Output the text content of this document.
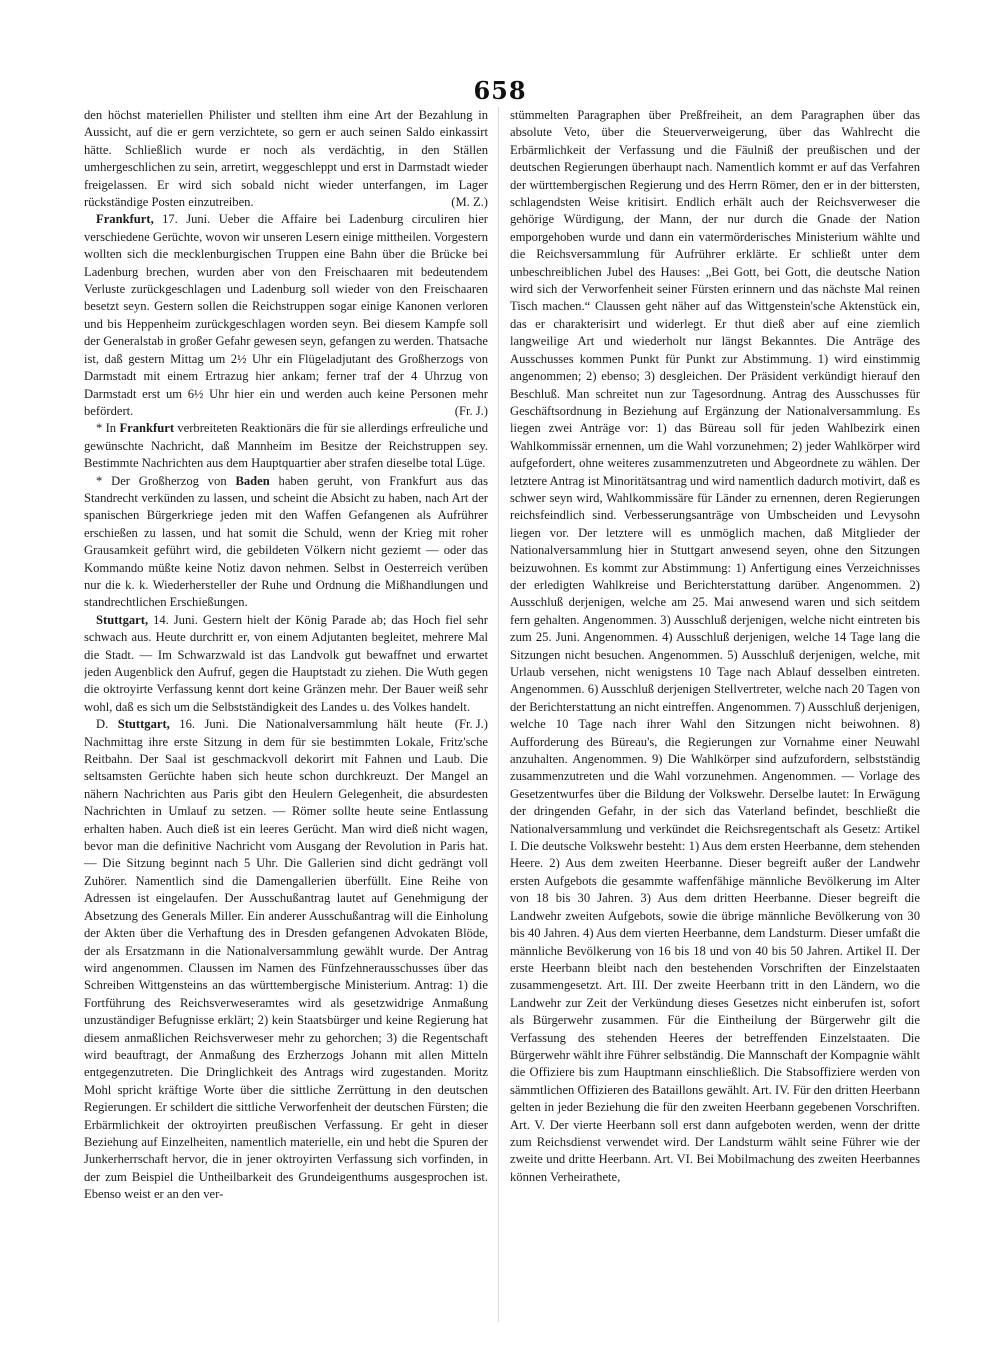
658

den höchst materiellen Philister und stellten ihm eine Art der Bezahlung in Aussicht, auf die er gern verzichtete, so gern er auch seinen Saldo einkassirt hätte. Schließlich wurde er noch als verdächtig, in den Ställen umhergeschlichen zu sein, arretirt, weggeschleppt und erst in Darmstadt wieder freigelassen. Er wird sich sobald nicht wieder unterfangen, im Lager rückständige Posten einzutreiben.	(M. Z.)

Frankfurt, 17. Juni. Ueber die Affaire bei Ladenburg circuliren hier verschiedene Gerüchte, wovon wir unseren Lesern einige mittheilen. Vorgestern wollten sich die mecklenburgischen Truppen eine Bahn über die Brücke bei Ladenburg brechen, wurden aber von den Freischaaren mit bedeutendem Verluste zurückgeschlagen und Ladenburg soll wieder von den Freischaaren besetzt seyn. Gestern sollen die Reichstruppen sogar einige Kanonen verloren und bis Heppenheim zurückgeschlagen worden seyn. Bei diesem Kampfe soll der Generalstab in großer Gefahr gewesen seyn, gefangen zu werden. Thatsache ist, daß gestern Mittag um 2½ Uhr ein Flügeladjutant des Großherzogs von Darmstadt mit einem Ertrazug hier ankam; ferner traf der 4 Uhrzug von Darmstadt erst um 6½ Uhr hier ein und werden auch keine Personen mehr befördert.	(Fr. J.)

* In Frankfurt verbreiteten Reaktionärs die für sie allerdings erfreuliche und gewünschte Nachricht, daß Mannheim im Besitze der Reichstruppen sey. Bestimmte Nachrichten aus dem Hauptquartier aber strafen dieselbe total Lüge.

* Der Großherzog von Baden haben geruht, von Frankfurt aus das Standrecht verkünden zu lassen, und scheint die Absicht zu haben, nach Art der spanischen Bürgerkriege jeden mit den Waffen Gefangenen als Aufrührer erschießen zu lassen, und hat somit die Schuld, wenn der Krieg mit roher Grausamkeit geführt wird, die gebildeten Völkern nicht geziemt — oder das Kommando müßte keine Notiz davon nehmen. Selbst in Oesterreich verüben nur die k. k. Wiederhersteller der Ruhe und Ordnung die Mißhandlungen und standrechtlichen Erschießungen.

Stuttgart, 14. Juni. Gestern hielt der König Parade ab; das Hoch fiel sehr schwach aus. Heute durchritt er, von einem Adjutanten begleitet, mehrere Mal die Stadt. — Im Schwarzwald ist das Landvolk gut bewaffnet und erwartet jeden Augenblick den Aufruf, gegen die Hauptstadt zu ziehen. Die Wuth gegen die oktroyirte Verfassung kennt dort keine Gränzen mehr. Der Bauer weiß sehr wohl, daß es sich um die Selbstständigkeit des Landes u. des Volkes handelt.
(Fr. J.)

D. Stuttgart, 16. Juni. Die Nationalversammlung hält heute Nachmittag ihre erste Sitzung in dem für sie bestimmten Lokale, Fritz'sche Reitbahn. Der Saal ist geschmackvoll dekorirt mit Fahnen und Laub. Die seltsamsten Gerüchte haben sich heute schon durchkreuzt. Der Mangel an nähern Nachrichten aus Paris gibt den Heulern Gelegenheit, die absurdesten Nachrichten in Umlauf zu setzen. — Römer sollte heute seine Entlassung erhalten haben. Auch dieß ist ein leeres Gerücht. Man wird dieß nicht wagen, bevor man die definitive Nachricht vom Ausgang der Revolution in Paris hat. — Die Sitzung beginnt nach 5 Uhr. Die Gallerien sind dicht gedrängt voll Zuhörer. Namentlich sind die Damengallerien überfüllt. Eine Reihe von Adressen ist eingelaufen. Der Ausschußantrag lautet auf Genehmigung der Absetzung des Generals Miller. Ein anderer Ausschußantrag will die Einholung der Akten über die Verhaftung des in Dresden gefangenen Advokaten Blöde, der als Ersatzmann in die Nationalversammlung gewählt wurde. Der Antrag wird angenommen. Claussen im Namen des Fünfzehnerausschusses über das Schreiben Wittgensteins an das württembergische Ministerium. Antrag: 1) die Fortführung des Reichsverweseramtes wird als gesetzwidrige Anmaßung unzuständiger Befugnisse erklärt; 2) kein Staatsbürger und keine Regierung hat diesem anmaßlichen Reichsverweser mehr zu gehorchen; 3) die Regentschaft wird beauftragt, der Anmaßung des Erzherzogs Johann mit allen Mitteln entgegenzutreten. Die Dringlichkeit des Antrags wird zugestanden. Moritz Mohl spricht kräftige Worte über die sittliche Zerrüttung in den deutschen Regierungen. Er schildert die sittliche Verworfenheit der deutschen Fürsten; die Erbärmlichkeit der oktroyirten preußischen Verfassung. Er geht in dieser Beziehung auf Einzelheiten, namentlich materielle, ein und hebt die Spuren der Junkerherrschaft hervor, die in jener oktroyirten Verfassung sich vorfinden, in der zum Beispiel die Untheilbarkeit des Grundeigenthums ausgesprochen ist. Ebenso weist er an den ver-

stümmelten Paragraphen über Preßfreiheit, an dem Paragraphen über das absolute Veto, über die Steuerverweigerung, über das Wahlrecht die Erbärmlichkeit der Verfassung und die Fäulniß der preußischen und der deutschen Regierungen überhaupt nach. Namentlich kommt er auf das Verfahren der württembergischen Regierung und des Herrn Römer, den er in der bittersten, schlagendsten Weise kritisirt. Endlich erhält auch der Reichsverweser die gehörige Würdigung, der Mann, der nur durch die Gnade der Nation emporgehoben wurde und dann ein vatermörderisches Ministerium wählte und die Reichsversammlung für Aufrührer erklärte. Er schließt unter dem unbeschreiblichen Jubel des Hauses: „Bei Gott, bei Gott, die deutsche Nation wird sich der Verworfenheit seiner Fürsten erinnern und das nächste Mal reinen Tisch machen.“ Claussen geht näher auf das Wittgenstein'sche Aktenstück ein, das er charakterisirt und widerlegt. Er thut dieß aber auf eine ziemlich langweilige Art und wiederholt nur längst Bekanntes. Die Anträge des Ausschusses kommen Punkt für Punkt zur Abstimmung. 1) wird einstimmig angenommen; 2) ebenso; 3) desgleichen. Der Präsident verkündigt hierauf den Beschluß. Man schreitet nun zur Tagesordnung. Antrag des Ausschusses für Geschäftsordnung in Beziehung auf Ergänzung der Nationalversammlung. Es liegen zwei Anträge vor: 1) das Büreau soll für jeden Wahlbezirk einen Wahlkommissär ernennen, um die Wahl vorzunehmen; 2) jeder Wahlkörper wird aufgefordert, ohne weiteres zusammenzutreten und Abgeordnete zu wählen. Der letztere Antrag ist Minoritätsantrag und wird namentlich dadurch motivirt, daß es schwer seyn wird, Wahlkommissäre für Länder zu ernennen, deren Regierungen reichsfeindlich sind. Verbesserungsanträge von Umbscheiden und Levysohn liegen vor. Der letztere will es unmöglich machen, daß Mitglieder der Nationalversammlung hier in Stuttgart anwesend seyen, ohne den Sitzungen beizuwohnen. Es kommt zur Abstimmung: 1) Anfertigung eines Verzeichnisses der erledigten Wahlkreise und Berichterstattung darüber. Angenommen. 2) Ausschluß derjenigen, welche am 25. Mai anwesend waren und sich seitdem fern gehalten. Angenommen. 3) Ausschluß derjenigen, welche nicht eintreten bis zum 25. Juni. Angenommen. 4) Ausschluß derjenigen, welche 14 Tage lang die Sitzungen nicht besuchen. Angenommen. 5) Ausschluß derjenigen, welche, mit Urlaub versehen, nicht wenigstens 10 Tage nach Ablauf desselben eintreten. Angenommen. 6) Ausschluß derjenigen Stellvertreter, welche nach 20 Tagen von der Berichterstattung an nicht eintreffen. Angenommen. 7) Ausschluß derjenigen, welche 10 Tage nach ihrer Wahl den Sitzungen nicht beiwohnen. 8) Aufforderung des Büreau's, die Regierungen zur Vornahme einer Neuwahl anzuhalten. Angenommen. 9) Die Wahlkörper sind aufzufordern, selbstständig zusammenzutreten und die Wahl vorzunehmen. Angenommen. — Vorlage des Gesetzentwurfes über die Bildung der Volkswehr. Derselbe lautet: In Erwägung der dringenden Gefahr, in der sich das Vaterland befindet, beschließt die Nationalversammlung und verkündet die Reichsregentschaft als Gesetz: Artikel I. Die deutsche Volkswehr besteht: 1) Aus dem ersten Heerbanne, dem stehenden Heere. 2) Aus dem zweiten Heerbanne. Dieser begreift außer der Landwehr ersten Aufgebots die gesammte waffenfähige männliche Bevölkerung im Alter von 18 bis 30 Jahren. 3) Aus dem dritten Heerbanne. Dieser begreift die Landwehr zweiten Aufgebots, sowie die übrige männliche Bevölkerung von 30 bis 40 Jahren. 4) Aus dem vierten Heerbanne, dem Landsturm. Dieser umfaßt die männliche Bevölkerung von 16 bis 18 und von 40 bis 50 Jahren. Artikel II. Der erste Heerbann bleibt nach den bestehenden Vorschriften der Einzelstaaten zusammengesetzt. Art. III. Der zweite Heerbann tritt in den Ländern, wo die Landwehr zur Zeit der Verkündung dieses Gesetzes nicht einberufen ist, sofort als Bürgerwehr zusammen. Für die Eintheilung der Bürgerwehr gilt die Verfassung des stehenden Heeres der betreffenden Einzelstaaten. Die Bürgerwehr wählt ihre Führer selbständig. Die Mannschaft der Kompagnie wählt die Offiziere bis zum Hauptmann einschließlich. Die Stabsoffiziere werden von sämmtlichen Offizieren des Bataillons gewählt. Art. IV. Für den dritten Heerbann gelten in jeder Beziehung die für den zweiten Heerbann gegebenen Vorschriften. Art. V. Der vierte Heerbann soll erst dann aufgeboten werden, wenn der dritte zum Reichsdienst verwendet wird. Der Landsturm wählt seine Führer wie der zweite und dritte Heerbann. Art. VI. Bei Mobilmachung des zweiten Heerbannes können Verheirathete,
